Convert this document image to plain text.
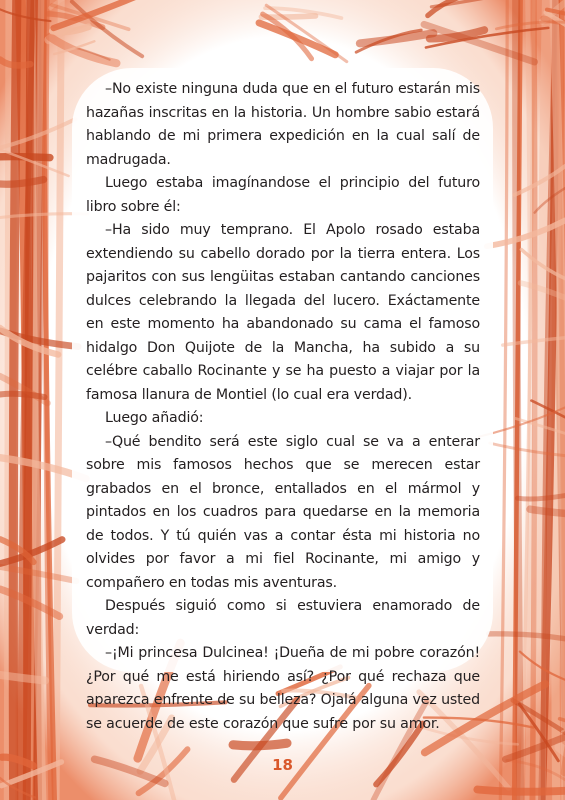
–No existe ninguna duda que en el futuro estarán mis hazañas inscritas en la historia. Un hombre sabio estará hablando de mi primera expedición en la cual salí de madrugada.

Luego estaba imagínandose el principio del futuro libro sobre él:

–Ha sido muy temprano. El Apolo rosado estaba extendiendo su cabello dorado por la tierra entera. Los pajaritos con sus lengüitas estaban cantando canciones dulces celebrando la llegada del lucero. Exáctamente en este momento ha abandonado su cama el famoso hidalgo Don Quijote de la Mancha, ha subido a su celébre caballo Rocinante y se ha puesto a viajar por la famosa llanura de Montiel (lo cual era verdad).

Luego añadió:

–Qué bendito será este siglo cual se va a enterar sobre mis famosos hechos que se merecen estar grabados en el bronce, entallados en el mármol y pintados en los cuadros para quedarse en la memoria de todos. Y tú quién vas a contar ésta mi historia no olvides por favor a mi fiel Rocinante, mi amigo y compañero en todas mis aventuras.

Después siguió como si estuviera enamorado de verdad:

–¡Mi princesa Dulcinea! ¡Dueña de mi pobre corazón! ¿Por qué me está hiriendo así? ¿Por qué rechaza que aparezca enfrente de su belleza? Ojalá alguna vez usted se acuerde de este corazón que sufre por su amor.

18
